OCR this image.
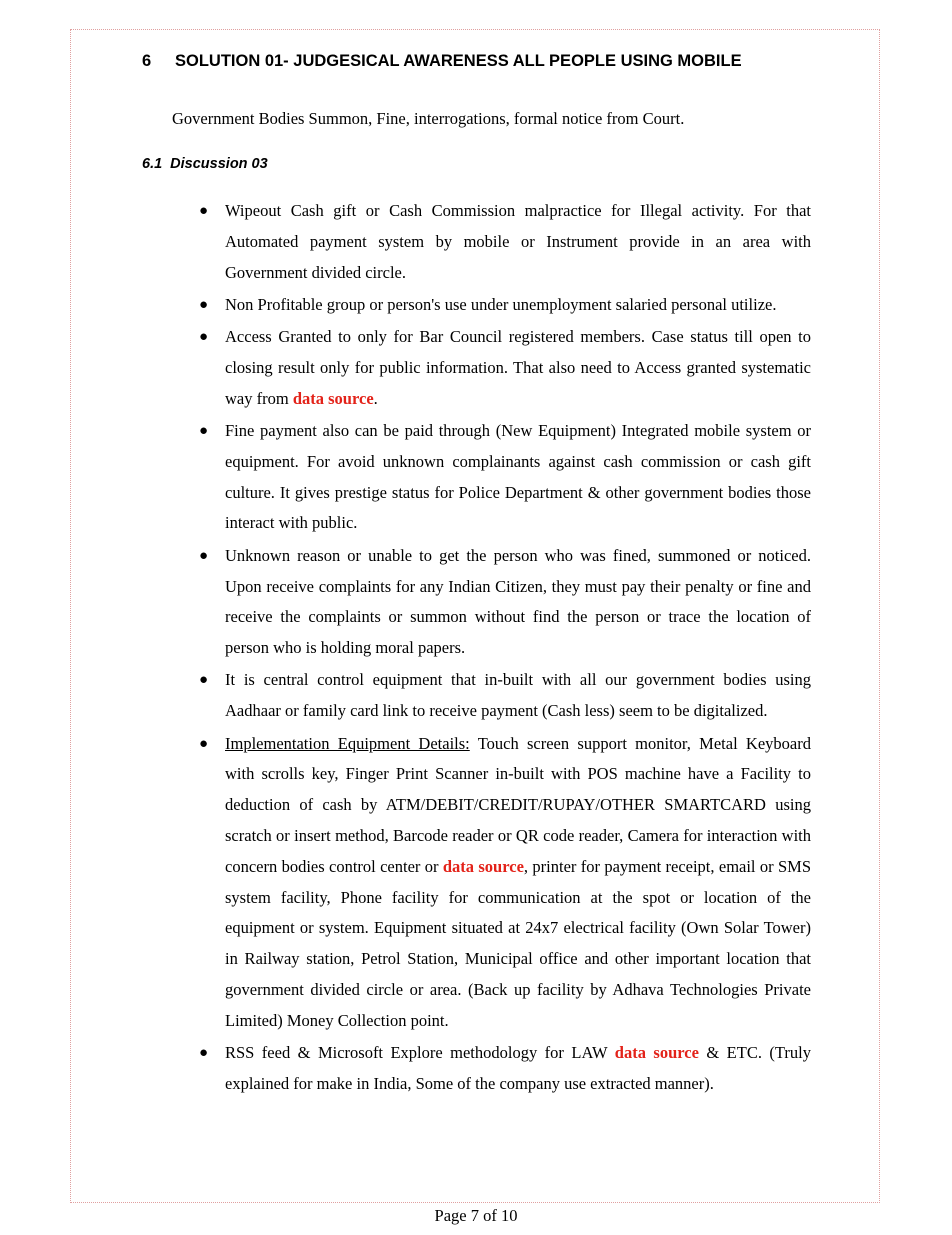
6 SOLUTION 01- JUDGESICAL AWARENESS ALL PEOPLE USING MOBILE
Government Bodies Summon, Fine, interrogations, formal notice from Court.
6.1 Discussion 03
● Wipeout Cash gift or Cash Commission malpractice for Illegal activity. For that Automated payment system by mobile or Instrument provide in an area with Government divided circle.
● Non Profitable group or person's use under unemployment salaried personal utilize.
● Access Granted to only for Bar Council registered members. Case status till open to closing result only for public information. That also need to Access granted systematic way from data source.
● Fine payment also can be paid through (New Equipment) Integrated mobile system or equipment. For avoid unknown complainants against cash commission or cash gift culture. It gives prestige status for Police Department & other government bodies those interact with public.
● Unknown reason or unable to get the person who was fined, summoned or noticed. Upon receive complaints for any Indian Citizen, they must pay their penalty or fine and receive the complaints or summon without find the person or trace the location of person who is holding moral papers.
● It is central control equipment that in-built with all our government bodies using Aadhaar or family card link to receive payment (Cash less) seem to be digitalized.
● Implementation Equipment Details: Touch screen support monitor, Metal Keyboard with scrolls key, Finger Print Scanner in-built with POS machine have a Facility to deduction of cash by ATM/DEBIT/CREDIT/RUPAY/OTHER SMARTCARD using scratch or insert method, Barcode reader or QR code reader, Camera for interaction with concern bodies control center or data source, printer for payment receipt, email or SMS system facility, Phone facility for communication at the spot or location of the equipment or system. Equipment situated at 24x7 electrical facility (Own Solar Tower) in Railway station, Petrol Station, Municipal office and other important location that government divided circle or area. (Back up facility by Adhava Technologies Private Limited) Money Collection point.
● RSS feed & Microsoft Explore methodology for LAW data source & ETC. (Truly explained for make in India, Some of the company use extracted manner).
Page 7 of 10
